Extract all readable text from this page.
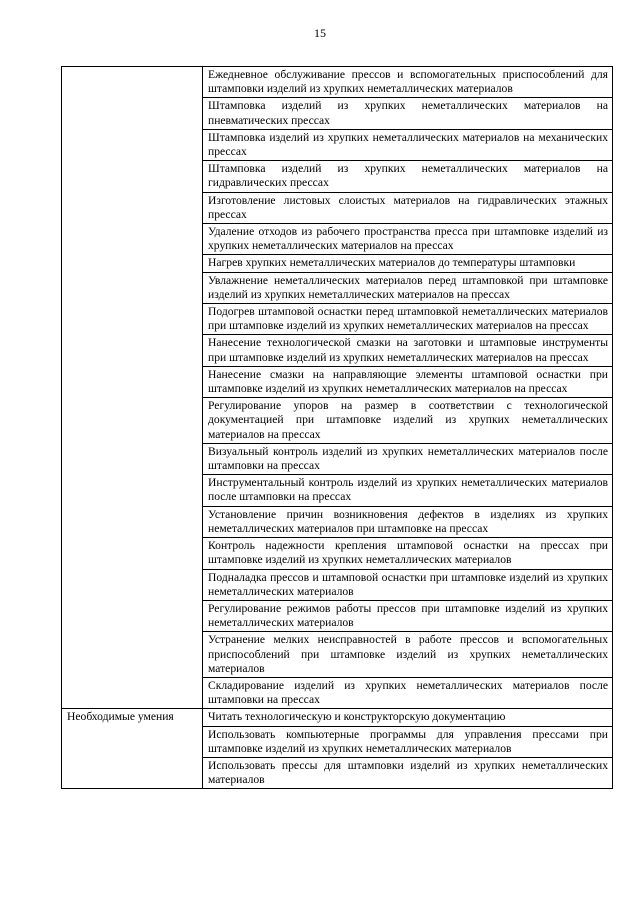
15
	Ежедневное обслуживание прессов и вспомогательных приспособлений для штамповки изделий из хрупких неметаллических материалов
	Штамповка изделий из хрупких неметаллических материалов на пневматических прессах
	Штамповка изделий из хрупких неметаллических материалов на механических прессах
	Штамповка изделий из хрупких неметаллических материалов на гидравлических прессах
	Изготовление листовых слоистых материалов на гидравлических этажных прессах
	Удаление отходов из рабочего пространства пресса при штамповке изделий из хрупких неметаллических материалов на прессах
	Нагрев хрупких неметаллических материалов до температуры штамповки
	Увлажнение неметаллических материалов перед штамповкой при штамповке изделий из хрупких неметаллических материалов на прессах
	Подогрев штамповой оснастки перед штамповкой неметаллических материалов при штамповке изделий из хрупких неметаллических материалов на прессах
	Нанесение технологической смазки на заготовки и штамповые инструменты при штамповке изделий из хрупких неметаллических материалов на прессах
	Нанесение смазки на направляющие элементы штамповой оснастки при штамповке изделий из хрупких неметаллических материалов на прессах
	Регулирование упоров на размер в соответствии с технологической документацией при штамповке изделий из хрупких неметаллических материалов на прессах
	Визуальный контроль изделий из хрупких неметаллических материалов после штамповки на прессах
	Инструментальный контроль изделий из хрупких неметаллических материалов после штамповки на прессах
	Установление причин возникновения дефектов в изделиях из хрупких неметаллических материалов при штамповке на прессах
	Контроль надежности крепления штамповой оснастки на прессах при штамповке изделий из хрупких неметаллических материалов
	Подналадка прессов и штамповой оснастки при штамповке изделий из хрупких неметаллических материалов
	Регулирование режимов работы прессов при штамповке изделий из хрупких неметаллических материалов
	Устранение мелких неисправностей в работе прессов и вспомогательных приспособлений при штамповке изделий из хрупких неметаллических материалов
	Складирование изделий из хрупких неметаллических материалов после штамповки на прессах
Необходимые умения	Читать технологическую и конструкторскую документацию
	Использовать компьютерные программы для управления прессами при штамповке изделий из хрупких неметаллических материалов
	Использовать прессы для штамповки изделий из хрупких неметаллических материалов
